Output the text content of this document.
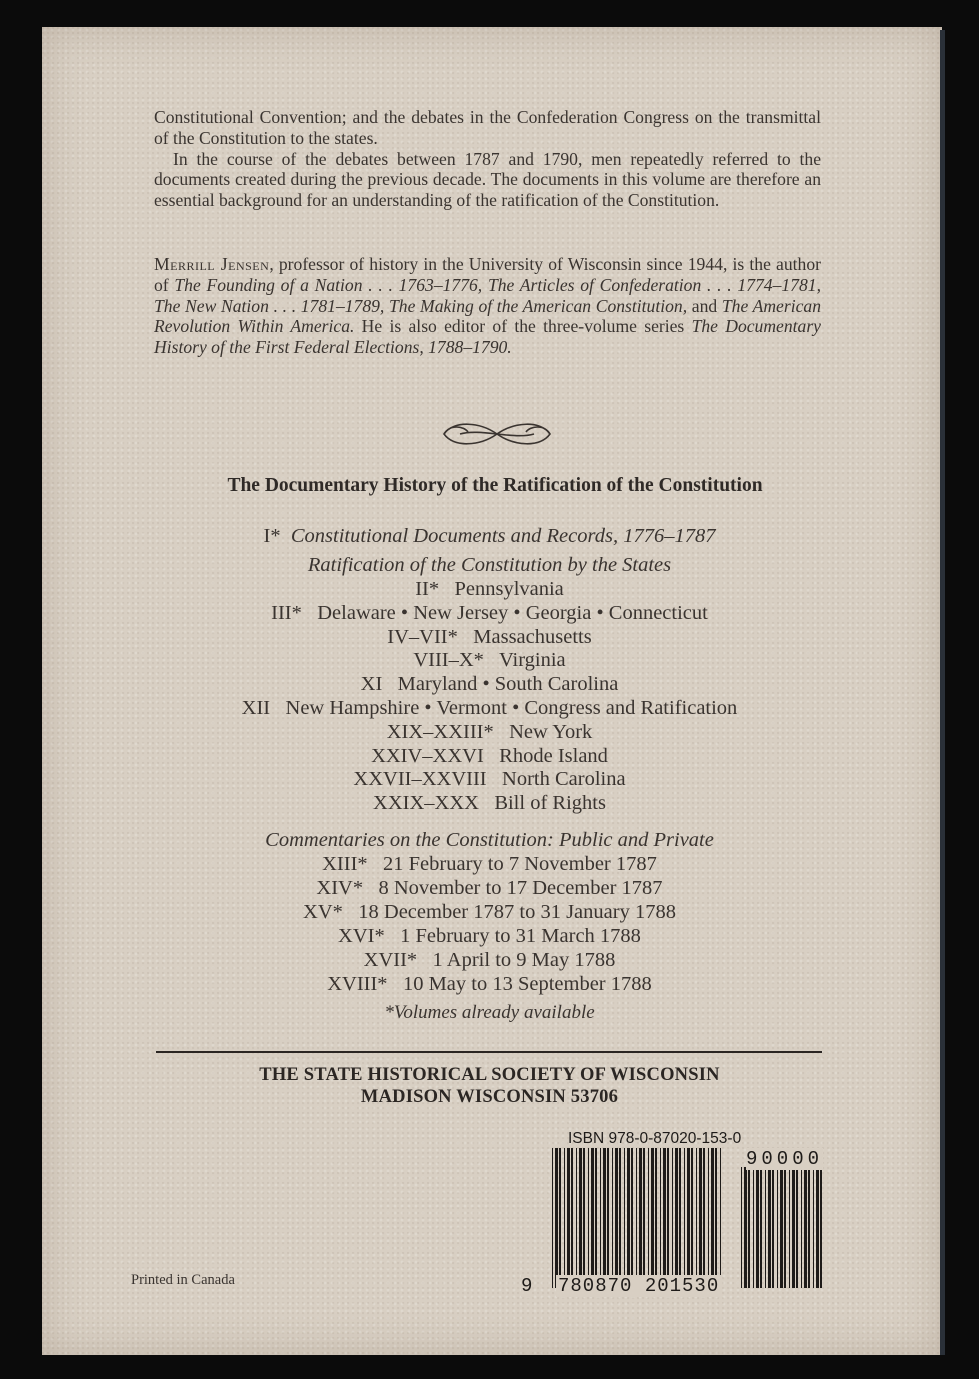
Constitutional Convention; and the debates in the Confederation Congress on the transmittal of the Constitution to the states.

In the course of the debates between 1787 and 1790, men repeatedly referred to the documents created during the previous decade. The documents in this volume are therefore an essential background for an understanding of the ratification of the Constitution.

Merrill Jensen, professor of history in the University of Wisconsin since 1944, is the author of The Founding of a Nation . . . 1763–1776, The Articles of Confederation . . . 1774–1781, The New Nation . . . 1781–1789, The Making of the American Constitution, and The American Revolution Within America. He is also editor of the three-volume series The Documentary History of the First Federal Elections, 1788–1790.

The Documentary History of the Ratification of the Constitution
I* Constitutional Documents and Records, 1776–1787
Ratification of the Constitution by the States
II* Pennsylvania
III* Delaware • New Jersey • Georgia • Connecticut
IV–VII* Massachusetts
VIII–X* Virginia
XI Maryland • South Carolina
XII New Hampshire • Vermont • Congress and Ratification
XIX–XXIII* New York
XXIV–XXVI Rhode Island
XXVII–XXVIII North Carolina
XXIX–XXX Bill of Rights
Commentaries on the Constitution: Public and Private
XIII* 21 February to 7 November 1787
XIV* 8 November to 17 December 1787
XV* 18 December 1787 to 31 January 1788
XVI* 1 February to 31 March 1788
XVII* 1 April to 9 May 1788
XVIII* 10 May to 13 September 1788
*Volumes already available
THE STATE HISTORICAL SOCIETY OF WISCONSIN
MADISON WISCONSIN 53706
Printed in Canada
ISBN 978-0-87020-153-0
9 780870 201530
90000
